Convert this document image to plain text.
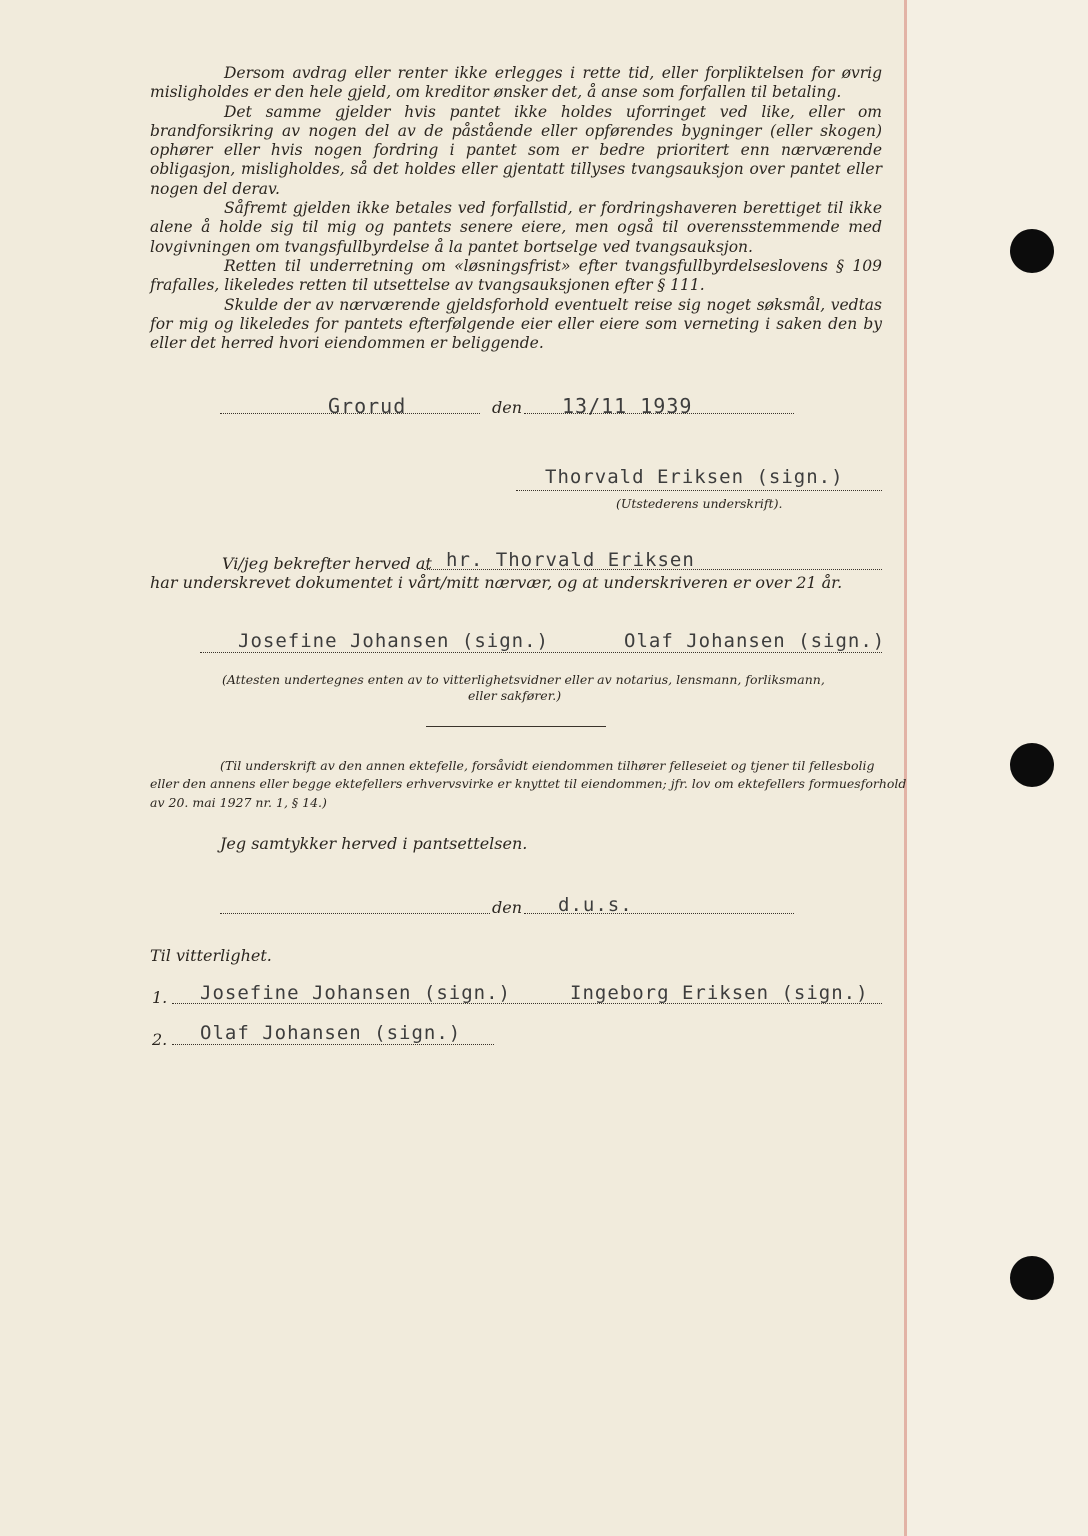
Dersom avdrag eller renter ikke erlegges i rette tid, eller forpliktelsen for øvrig misligholdes er den hele gjeld, om kreditor ønsker det, å anse som forfallen til betaling.

Det samme gjelder hvis pantet ikke holdes uforringet ved like, eller om brandforsikring av nogen del av de påstående eller opførendes bygninger (eller skogen) ophører eller hvis nogen fordring i pantet som er bedre prioritert enn nærværende obligasjon, misligholdes, så det holdes eller gjentatt tillyses tvangsauksjon over pantet eller nogen del derav.

Såfremt gjelden ikke betales ved forfallstid, er fordringshaveren berettiget til ikke alene å holde sig til mig og pantets senere eiere, men også til overensstemmende med lovgivningen om tvangsfullbyrdelse å la pantet bortselge ved tvangsauksjon.

Retten til underretning om «løsningsfrist» efter tvangsfullbyrdelseslovens § 109 frafalles, likeledes retten til utsettelse av tvangsauksjonen efter § 111.

Skulde der av nærværende gjeldsforhold eventuelt reise sig noget søksmål, vedtas for mig og likeledes for pantets efterfølgende eier eller eiere som verneting i saken den by eller det herred hvori eiendommen er beliggende.

Grorud	den 13/11 1939
Thorvald Eriksen (sign.)
(Utstederens underskrift).
Vi/jeg bekrefter herved at hr. Thorvald Eriksen
har underskrevet dokumentet i vårt/mitt nærvær, og at underskriveren er over 21 år.
Josefine Johansen (sign.)	Olaf Johansen (sign.)
(Attesten undertegnes enten av to vitterlighetsvidner eller av notarius, lensmann, forliksmann,
eller sakfører.)
(Til underskrift av den annen ektefelle, forsåvidt eiendommen tilhører felleseiet og tjener til fellesbolig
eller den annens eller begge ektefellers erhvervsvirke er knyttet til eiendommen; jfr. lov om ektefellers formuesforhold
av 20. mai 1927 nr. 1, § 14.)
Jeg samtykker herved i pantsettelsen.
den d.u.s.
Til vitterlighet.
1. Josefine Johansen (sign.)	Ingeborg Eriksen (sign.)
2. Olaf Johansen (sign.)
